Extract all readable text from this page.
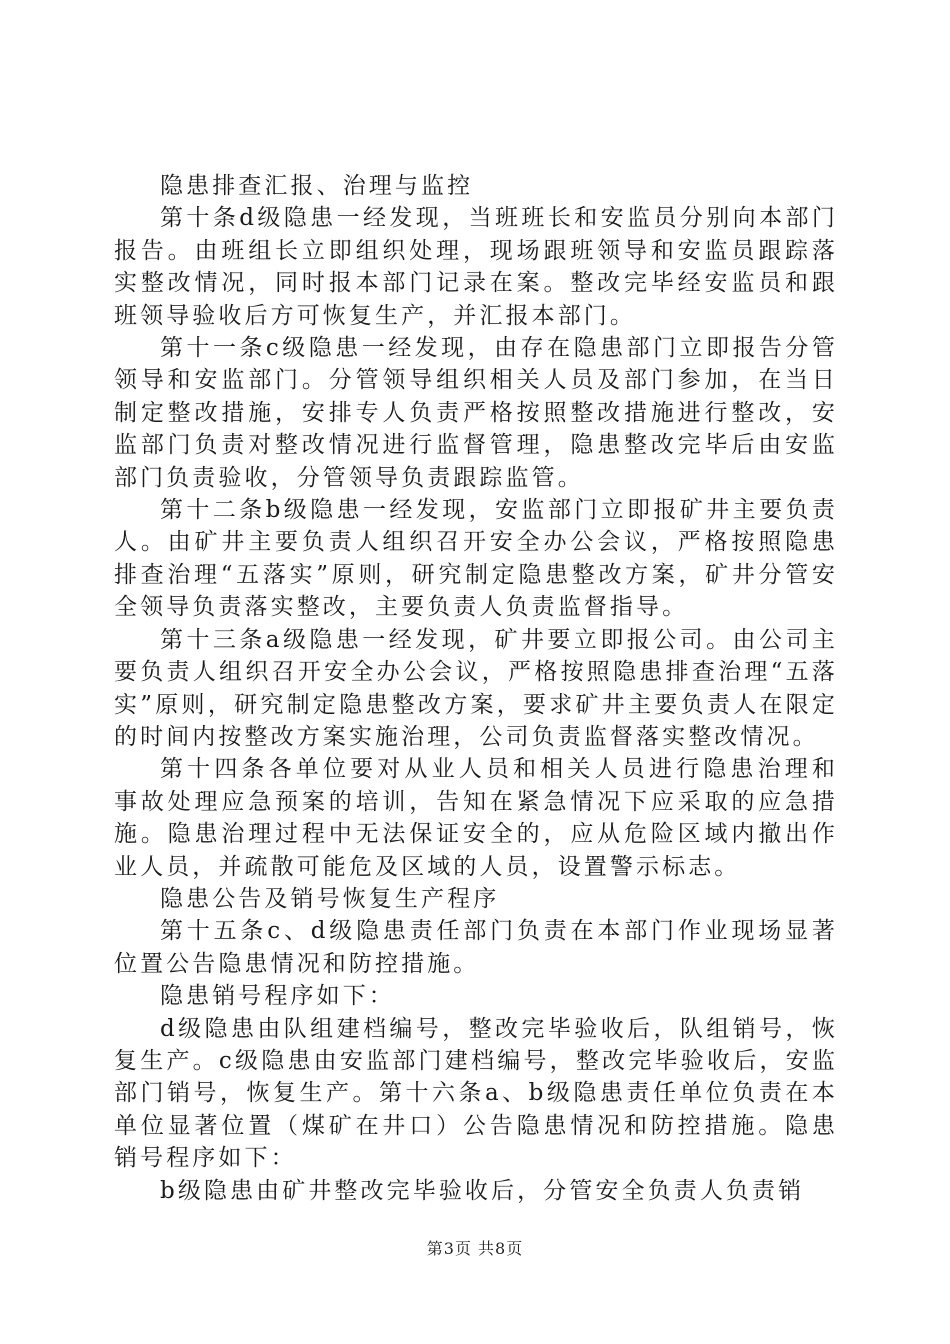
隐患排查汇报、治理与监控

第十条d级隐患一经发现，当班班长和安监员分别向本部门报告。由班组长立即组织处理，现场跟班领导和安监员跟踪落实整改情况，同时报本部门记录在案。整改完毕经安监员和跟班领导验收后方可恢复生产，并汇报本部门。

第十一条c级隐患一经发现，由存在隐患部门立即报告分管领导和安监部门。分管领导组织相关人员及部门参加，在当日制定整改措施，安排专人负责严格按照整改措施进行整改，安监部门负责对整改情况进行监督管理，隐患整改完毕后由安监部门负责验收，分管领导负责跟踪监管。

第十二条b级隐患一经发现，安监部门立即报矿井主要负责人。由矿井主要负责人组织召开安全办公会议，严格按照隐患排查治理“五落实”原则，研究制定隐患整改方案，矿井分管安全领导负责落实整改，主要负责人负责监督指导。

第十三条a级隐患一经发现，矿井要立即报公司。由公司主要负责人组织召开安全办公会议，严格按照隐患排查治理“五落实”原则，研究制定隐患整改方案，要求矿井主要负责人在限定的时间内按整改方案实施治理，公司负责监督落实整改情况。

第十四条各单位要对从业人员和相关人员进行隐患治理和事故处理应急预案的培训，告知在紧急情况下应采取的应急措施。隐患治理过程中无法保证安全的，应从危险区域内撤出作业人员，并疏散可能危及区域的人员，设置警示标志。

隐患公告及销号恢复生产程序

第十五条c、d级隐患责任部门负责在本部门作业现场显著位置公告隐患情况和防控措施。

隐患销号程序如下：

d级隐患由队组建档编号，整改完毕验收后，队组销号，恢复生产。c级隐患由安监部门建档编号，整改完毕验收后，安监部门销号，恢复生产。第十六条a、b级隐患责任单位负责在本单位显著位置（煤矿在井口）公告隐患情况和防控措施。隐患销号程序如下：

b级隐患由矿井整改完毕验收后，分管安全负责人负责销

第3页 共8页
